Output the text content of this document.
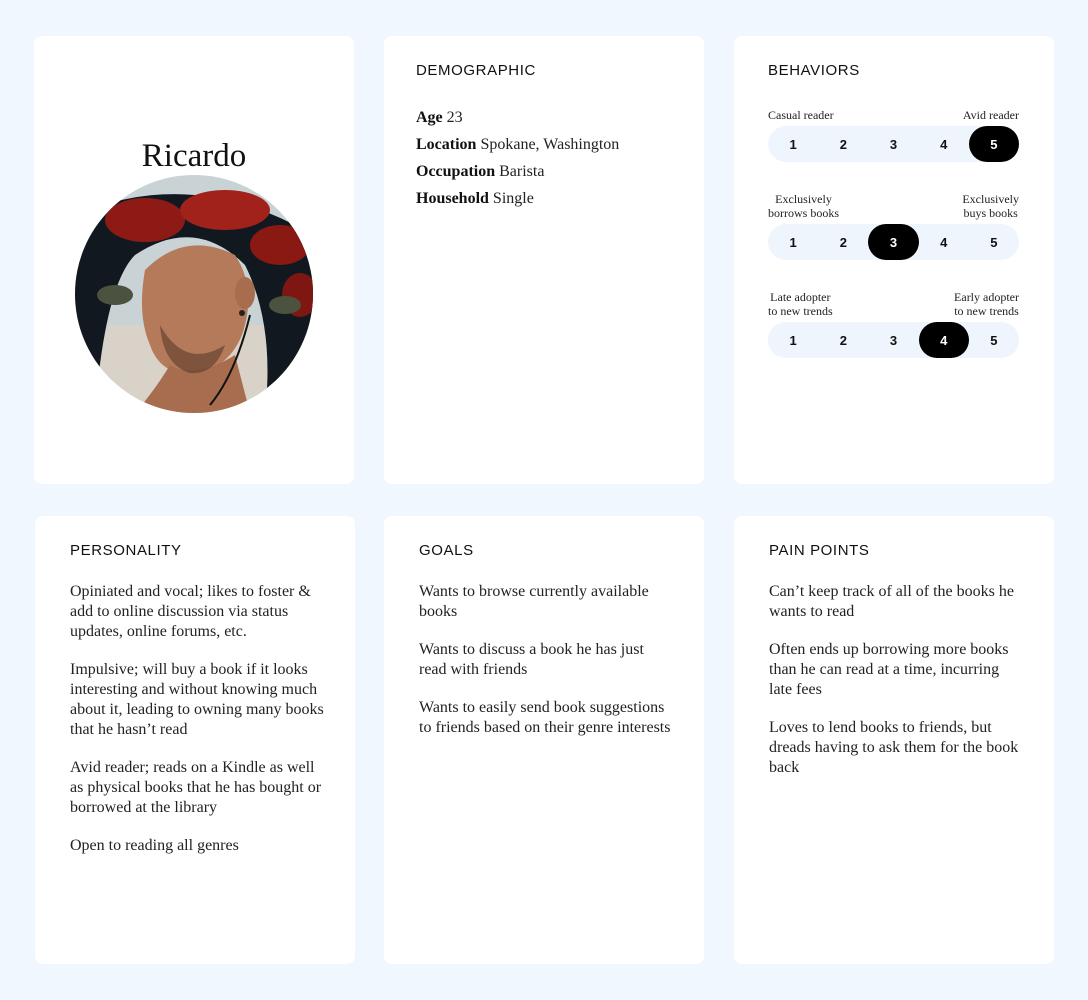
Ricardo
DEMOGRAPHIC
Age 23
Location Spokane, Washington
Occupation Barista
Household Single
BEHAVIORS
Casual reader	Avid reader
1	2	3	4	5
Exclusively
borrows books
Exclusively
buys books
1	2	3	4	5
Late adopter
to new trends
Early adopter
to new trends
1	2	3	4	5
PERSONALITY
Opiniated and vocal; likes to foster & add to online discussion via status updates, online forums, etc.
Impulsive; will buy a book if it looks interesting and without knowing much about it, leading to owning many books that he hasn’t read
Avid reader; reads on a Kindle as well as physical books that he has bought or borrowed at the library
Open to reading all genres
GOALS
Wants to browse currently available books
Wants to discuss a book he has just read with friends
Wants to easily send book suggestions to friends based on their genre interests
PAIN POINTS
Can’t keep track of all of the books he wants to read
Often ends up borrowing more books than he can read at a time, incurring late fees
Loves to lend books to friends, but dreads having to ask them for the book back
